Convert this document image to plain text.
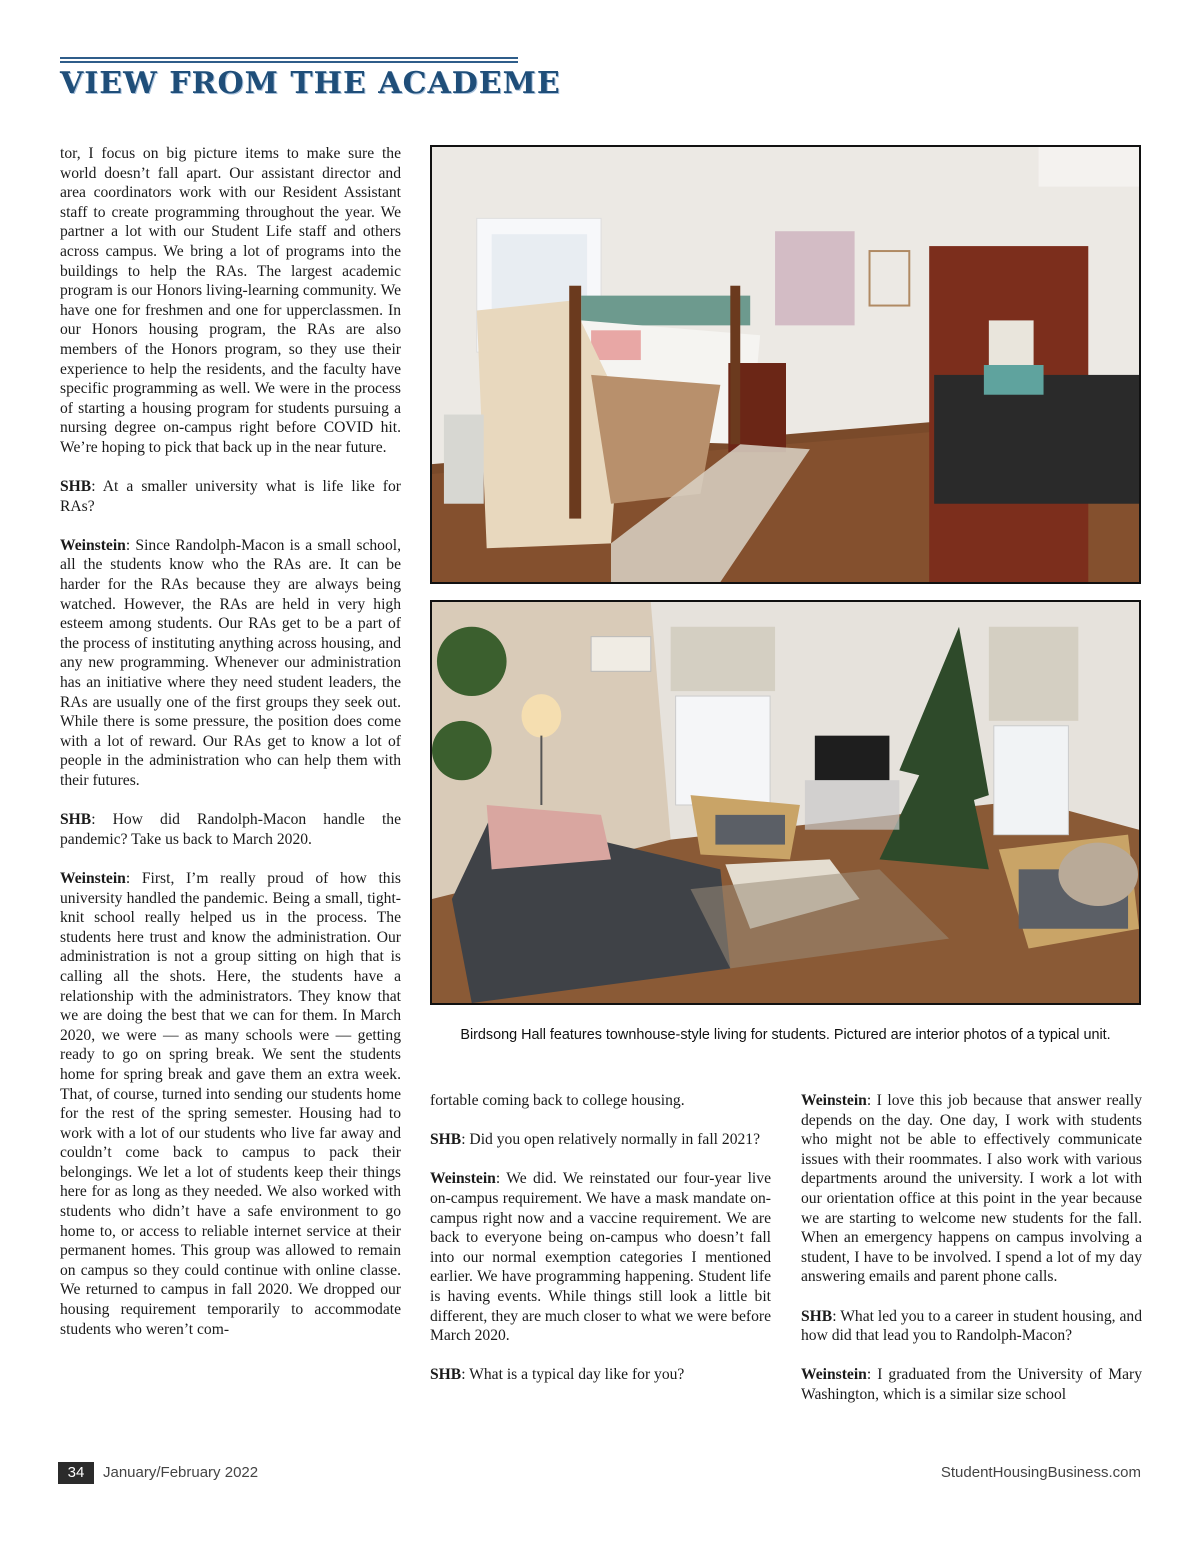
VIEW FROM THE ACADEME

tor, I focus on big picture items to make sure the world doesn’t fall apart. Our assistant director and area coordinators work with our Resident Assistant staff to create programming throughout the year. We partner a lot with our Student Life staff and others across campus. We bring a lot of programs into the buildings to help the RAs. The largest academic program is our Honors living-learning community. We have one for freshmen and one for upperclassmen. In our Honors housing program, the RAs are also members of the Honors program, so they use their experience to help the residents, and the faculty have specific programming as well. We were in the process of starting a housing program for students pursuing a nursing degree on-campus right before COVID hit. We’re hoping to pick that back up in the near future.

SHB: At a smaller university what is life like for RAs?

Weinstein: Since Randolph-Macon is a small school, all the students know who the RAs are. It can be harder for the RAs because they are always being watched. However, the RAs are held in very high esteem among students. Our RAs get to be a part of the process of instituting anything across housing, and any new programming. Whenever our administration has an initiative where they need student leaders, the RAs are usually one of the first groups they seek out. While there is some pressure, the position does come with a lot of reward. Our RAs get to know a lot of people in the administration who can help them with their futures.

SHB: How did Randolph-Macon handle the pandemic? Take us back to March 2020.

Weinstein: First, I’m really proud of how this university handled the pandemic. Being a small, tight-knit school really helped us in the process. The students here trust and know the administration. Our administration is not a group sitting on high that is calling all the shots. Here, the students have a relationship with the administrators. They know that we are doing the best that we can for them. In March 2020, we were — as many schools were — getting ready to go on spring break. We sent the students home for spring break and gave them an extra week. That, of course, turned into sending our students home for the rest of the spring semester. Housing had to work with a lot of our students who live far away and couldn’t come back to campus to pack their belongings. We let a lot of students keep their things here for as long as they needed. We also worked with students who didn’t have a safe environment to go home to, or access to reliable internet service at their permanent homes. This group was allowed to remain on campus so they could continue with online classe. We returned to campus in fall 2020. We dropped our housing requirement temporarily to accommodate students who weren’t com-

Birdsong Hall features townhouse-style living for students. Pictured are interior photos of a typical unit.

fortable coming back to college housing.

SHB: Did you open relatively normally in fall 2021?

Weinstein: We did. We reinstated our four-year live on-campus requirement. We have a mask mandate on-campus right now and a vaccine requirement. We are back to everyone being on-campus who doesn’t fall into our normal exemption categories I mentioned earlier. We have programming happening. Student life is having events. While things still look a little bit different, they are much closer to what we were before March 2020.

SHB: What is a typical day like for you?

Weinstein: I love this job because that answer really depends on the day. One day, I work with students who might not be able to effectively communicate issues with their roommates. I also work with various departments around the university. I work a lot with our orientation office at this point in the year because we are starting to welcome new students for the fall. When an emergency happens on campus involving a student, I have to be involved. I spend a lot of my day answering emails and parent phone calls.

SHB: What led you to a career in student housing, and how did that lead you to Randolph-Macon?

Weinstein: I graduated from the University of Mary Washington, which is a similar size school

34	January/February 2022	StudentHousingBusiness.com
